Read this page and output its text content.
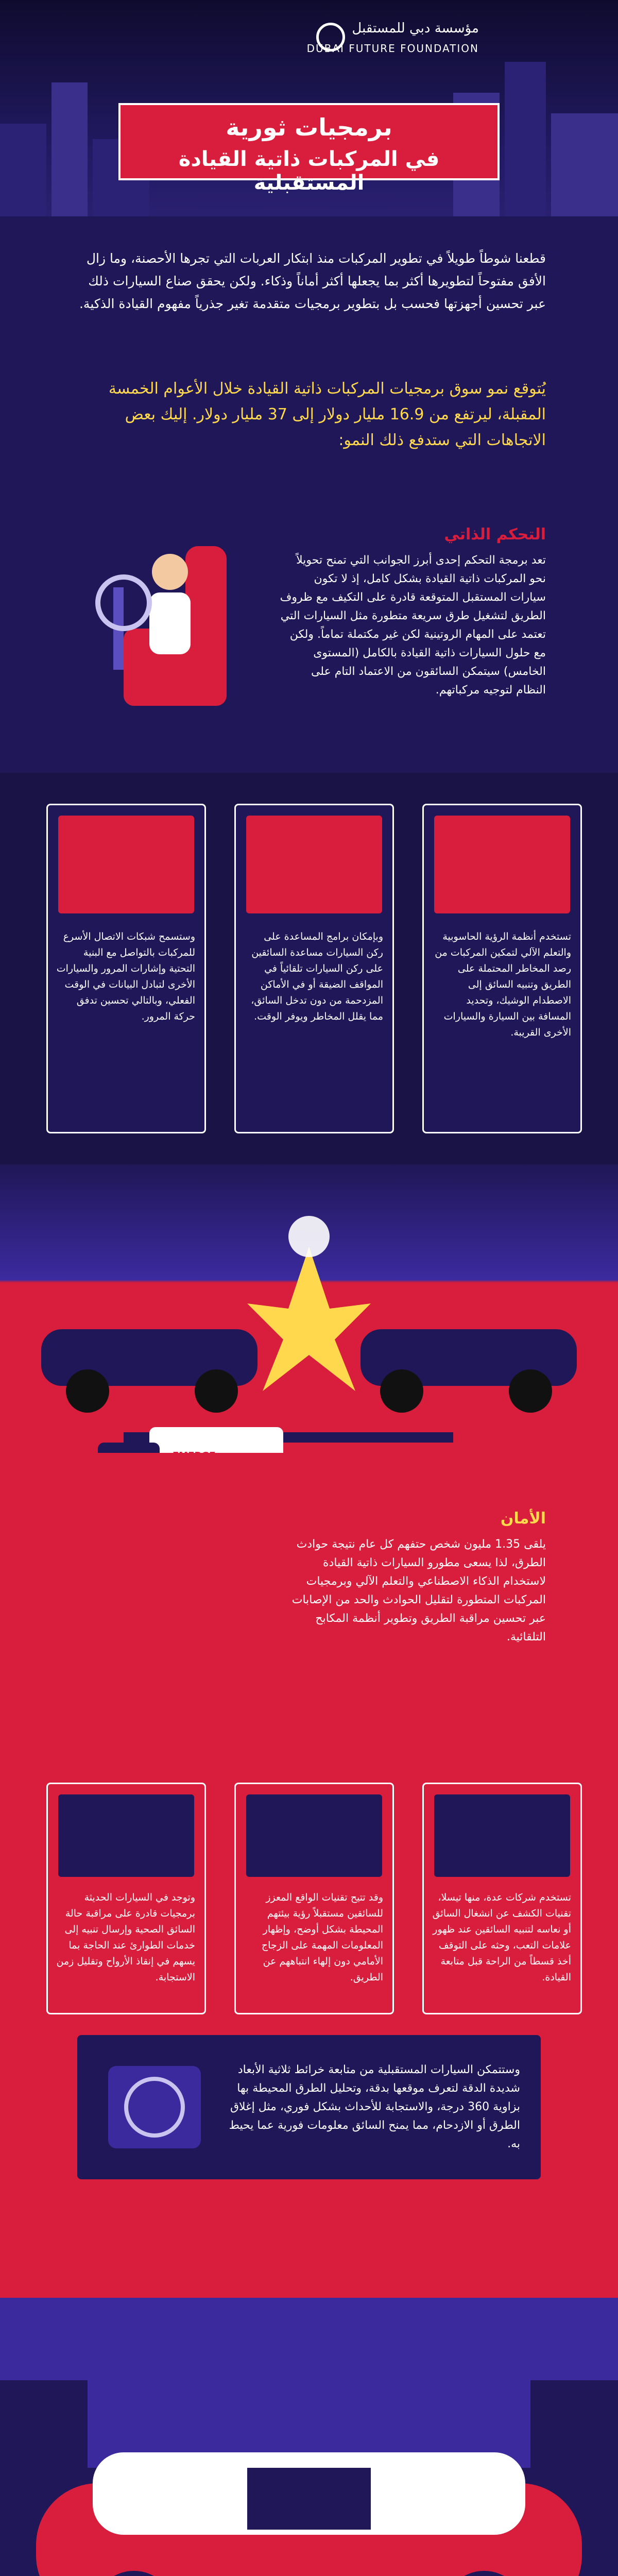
مؤسسة دبي للمستقبل
DUBAI FUTURE FOUNDATION
برمجيات ثورية
في المركبات ذاتية القيادة المستقبلية
قطعنا شوطاً طويلاً في تطوير المركبات منذ ابتكار العربات التي تجرها الأحصنة، وما زال الأفق مفتوحاً لتطويرها أكثر بما يجعلها أكثر أماناً وذكاء. ولكن يحقق صناع السيارات ذلك عبر تحسين أجهزتها فحسب بل بتطوير برمجيات متقدمة تغير جذرياً مفهوم القيادة الذكية.
يُتوقع نمو سوق برمجيات المركبات ذاتية القيادة خلال الأعوام الخمسة المقبلة، ليرتفع من 16.9 مليار دولار إلى 37 مليار دولار. إليك بعض الاتجاهات التي ستدفع ذلك النمو:
التحكم الذاتي
تعد برمجة التحكم إحدى أبرز الجوانب التي تمنح تحويلاً نحو المركبات ذاتية القيادة بشكل كامل، إذ لا تكون سيارات المستقبل المتوقعة قادرة على التكيف مع ظروف الطريق لتشغيل طرق سريعة متطورة مثل السيارات التي تعتمد على المهام الروتينية لكن غير مكتملة تماماً. ولكن مع حلول السيارات ذاتية القيادة بالكامل (المستوى الخامس) سيتمكن السائقون من الاعتماد التام على النظام لتوجيه مركباتهم.
تستخدم أنظمة الرؤية الحاسوبية والتعلم الآلي لتمكين المركبات من رصد المخاطر المحتملة على الطريق وتنبيه السائق إلى الاصطدام الوشيك، وتحديد المسافة بين السيارة والسيارات الأخرى القريبة.
وبإمكان برامج المساعدة على ركن السيارات مساعدة السائقين على ركن السيارات تلقائياً في المواقف الضيقة أو في الأماكن المزدحمة من دون تدخل السائق، مما يقلل المخاطر ويوفر الوقت.
وستسمح شبكات الاتصال الأسرع للمركبات بالتواصل مع البنية التحتية وإشارات المرور والسيارات الأخرى لتبادل البيانات في الوقت الفعلي، وبالتالي تحسين تدفق حركة المرور.
الأمان
يلقى 1.35 مليون شخص حتفهم كل عام نتيجة حوادث الطرق، لذا يسعى مطورو السيارات ذاتية القيادة لاستخدام الذكاء الاصطناعي والتعلم الآلي وبرمجيات المركبات المتطورة لتقليل الحوادث والحد من الإصابات عبر تحسين مراقبة الطريق وتطوير أنظمة المكابح التلقائية.
تستخدم شركات عدة، منها تيسلا، تقنيات الكشف عن انشغال السائق أو نعاسه لتنبيه السائقين عند ظهور علامات التعب، وحثه على التوقف أخذ قسطاً من الراحة قبل متابعة القيادة.
وقد تتيح تقنيات الواقع المعزز للسائقين مستقبلاً رؤية بيئتهم المحيطة بشكل أوضح، وإظهار المعلومات المهمة على الزجاج الأمامي دون إلهاء انتباههم عن الطريق.
وتوجد في السيارات الحديثة برمجيات قادرة على مراقبة حالة السائق الصحية وإرسال تنبيه إلى خدمات الطوارئ عند الحاجة بما يسهم في إنقاذ الأرواح وتقليل زمن الاستجابة.
وستتمكن السيارات المستقبلية من متابعة خرائط ثلاثية الأبعاد شديدة الدقة لتعرف موقعها بدقة، وتحليل الطرق المحيطة بها بزاوية 360 درجة، والاستجابة للأحداث بشكل فوري، مثل إغلاق الطرق أو الازدحام، مما يمنح السائق معلومات فورية عما يحيط به.
